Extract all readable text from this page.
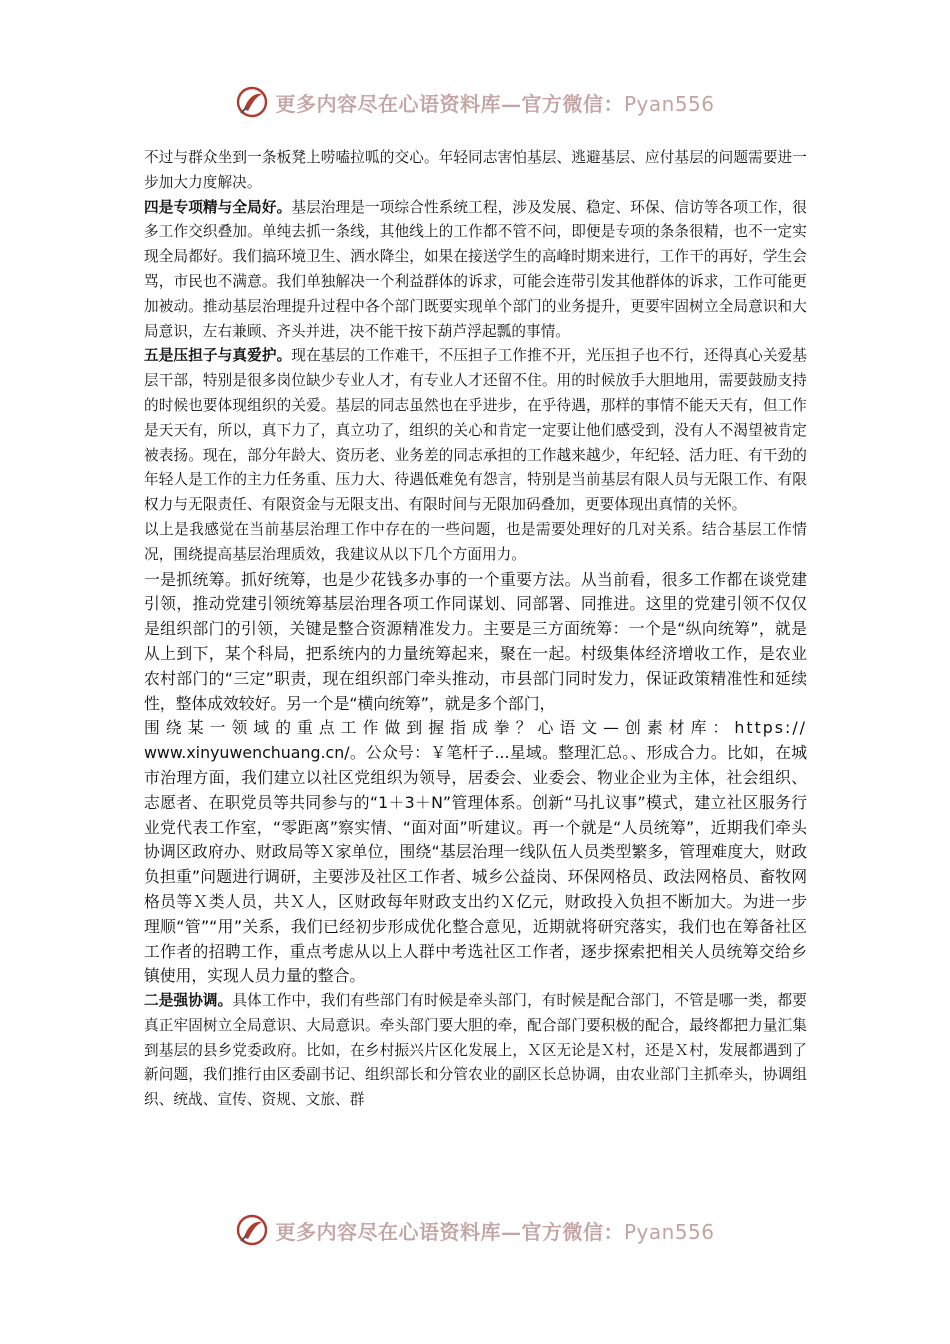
更多内容尽在心语资料库—官方微信：Pyan556

不过与群众坐到一条板凳上唠嗑拉呱的交心。年轻同志害怕基层、逃避基层、应付基层的问题需要进一步加大力度解决。

四是专项精与全局好。基层治理是一项综合性系统工程，涉及发展、稳定、环保、信访等各项工作，很多工作交织叠加。单纯去抓一条线，其他线上的工作都不管不问，即便是专项的条条很精，也不一定实现全局都好。我们搞环境卫生、洒水降尘，如果在接送学生的高峰时期来进行，工作干的再好，学生会骂，市民也不满意。我们单独解决一个利益群体的诉求，可能会连带引发其他群体的诉求，工作可能更加被动。推动基层治理提升过程中各个部门既要实现单个部门的业务提升，更要牢固树立全局意识和大局意识，左右兼顾、齐头并进，决不能干按下葫芦浮起瓢的事情。

五是压担子与真爱护。现在基层的工作难干，不压担子工作推不开，光压担子也不行，还得真心关爱基层干部，特别是很多岗位缺少专业人才，有专业人才还留不住。用的时候放手大胆地用，需要鼓励支持的时候也要体现组织的关爱。基层的同志虽然也在乎进步，在乎待遇，那样的事情不能天天有，但工作是天天有，所以，真下力了，真立功了，组织的关心和肯定一定要让他们感受到，没有人不渴望被肯定被表扬。现在，部分年龄大、资历老、业务差的同志承担的工作越来越少，年纪轻、活力旺、有干劲的年轻人是工作的主力任务重、压力大、待遇低难免有怨言，特别是当前基层有限人员与无限工作、有限权力与无限责任、有限资金与无限支出、有限时间与无限加码叠加，更要体现出真情的关怀。

以上是我感觉在当前基层治理工作中存在的一些问题，也是需要处理好的几对关系。结合基层工作情况，围绕提高基层治理质效，我建议从以下几个方面用力。

一是抓统筹。抓好统筹，也是少花钱多办事的一个重要方法。从当前看，很多工作都在谈党建引领，推动党建引领统筹基层治理各项工作同谋划、同部署、同推进。这里的党建引领不仅仅是组织部门的引领，关键是整合资源精准发力。主要是三方面统筹：一个是“纵向统筹”，就是从上到下，某个科局，把系统内的力量统筹起来，聚在一起。村级集体经济增收工作，是农业农村部门的“三定”职责，现在组织部门牵头推动，市县部门同时发力，保证政策精准性和延续性，整体成效较好。另一个是“横向统筹”，就是多个部门，

围绕某一领域的重点工作做到握指成拳？心语文—创素材库：https://

www.xinyuwenchuang.cn/。公众号：￥笔杆子...星域。整理汇总。、形成合力。比如，在城市治理方面，我们建立以社区党组织为领导，居委会、业委会、物业企业为主体，社会组织、志愿者、在职党员等共同参与的“1＋3＋N”管理体系。创新“马扎议事”模式，建立社区服务行业党代表工作室，“零距离”察实情、“面对面”听建议。再一个就是“人员统筹”，近期我们牵头协调区政府办、财政局等Ｘ家单位，围绕“基层治理一线队伍人员类型繁多，管理难度大，财政负担重”问题进行调研，主要涉及社区工作者、城乡公益岗、环保网格员、政法网格员、畜牧网格员等Ｘ类人员，共Ｘ人，区财政每年财政支出约Ｘ亿元，财政投入负担不断加大。为进一步理顺“管”“用”关系，我们已经初步形成优化整合意见，近期就将研究落实，我们也在筹备社区工作者的招聘工作，重点考虑从以上人群中考选社区工作者，逐步探索把相关人员统筹交给乡镇使用，实现人员力量的整合。

二是强协调。具体工作中，我们有些部门有时候是牵头部门，有时候是配合部门，不管是哪一类，都要真正牢固树立全局意识、大局意识。牵头部门要大胆的牵，配合部门要积极的配合，最终都把力量汇集到基层的县乡党委政府。比如，在乡村振兴片区化发展上，Ｘ区无论是Ｘ村，还是Ｘ村，发展都遇到了新问题，我们推行由区委副书记、组织部长和分管农业的副区长总协调，由农业部门主抓牵头，协调组织、统战、宣传、资规、文旅、群

更多内容尽在心语资料库—官方微信：Pyan556
